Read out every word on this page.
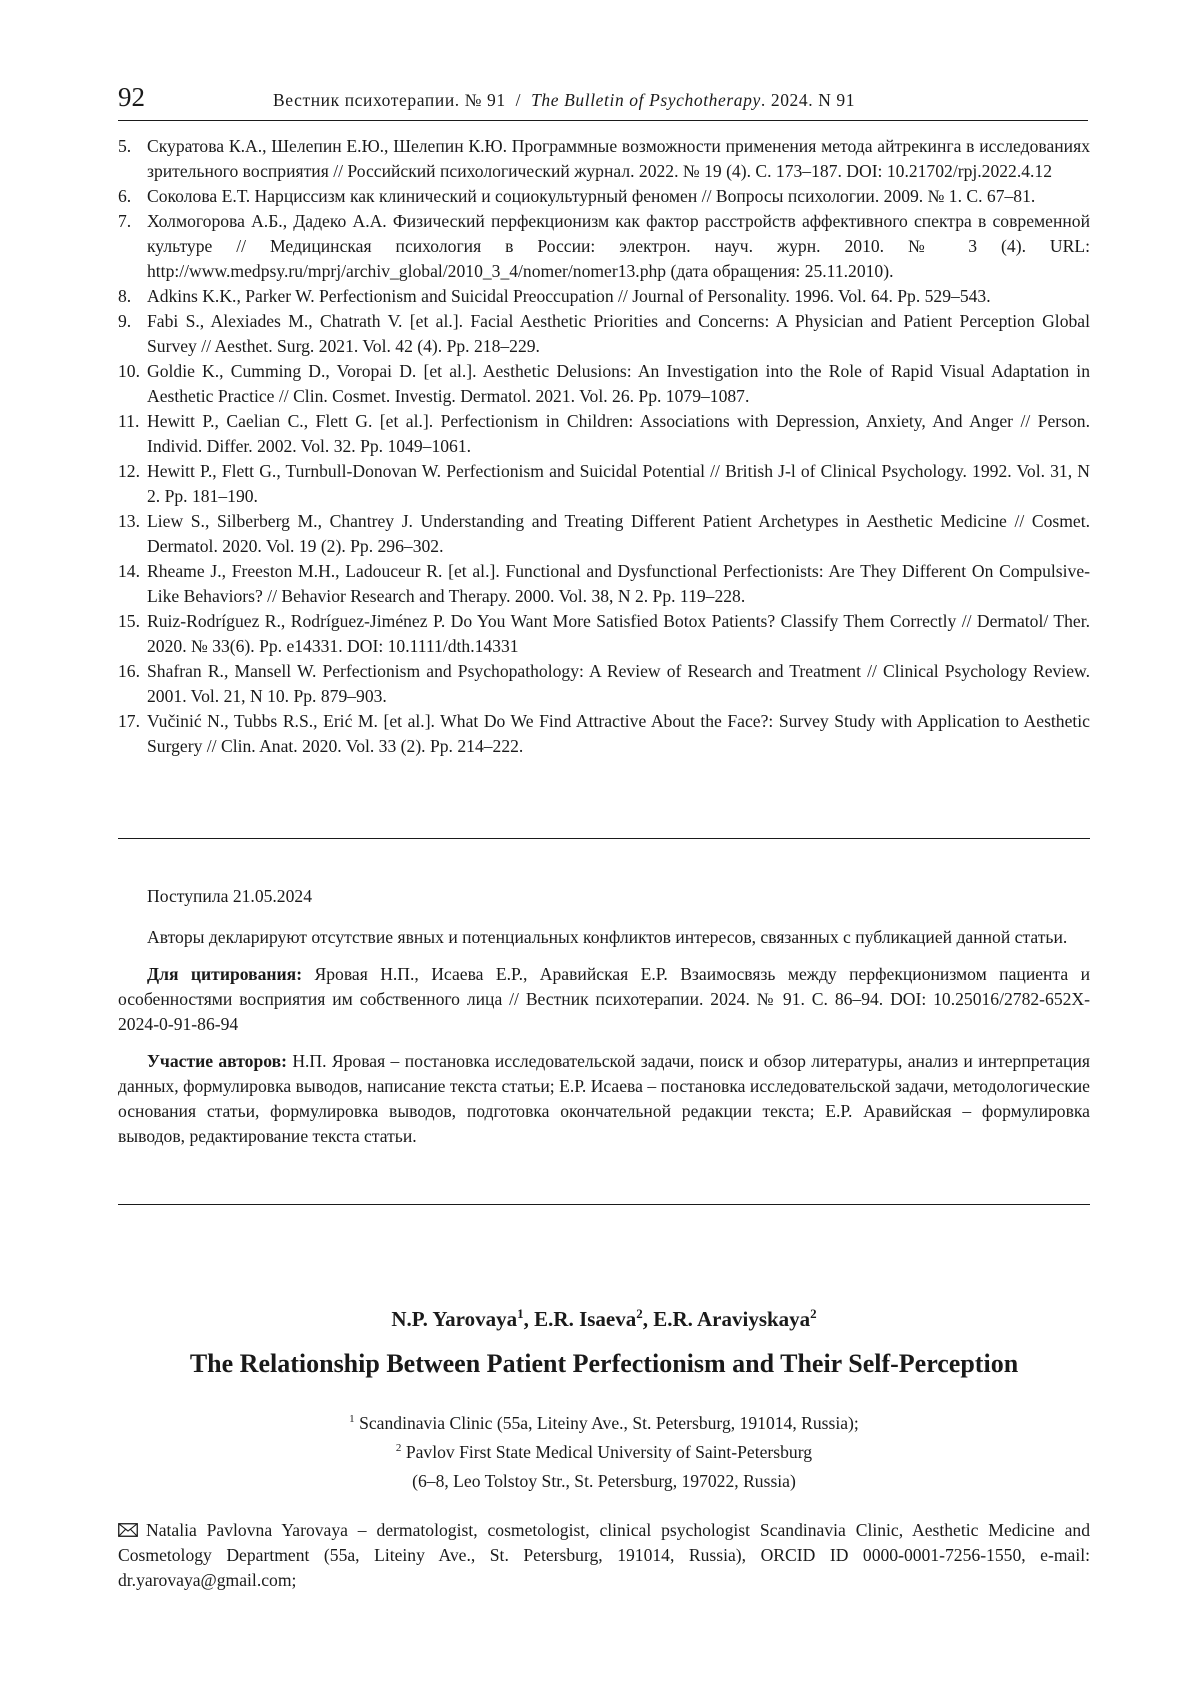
92	Вестник психотерапии. № 91 / The Bulletin of Psychotherapy. 2024. N 91
5. Скуратова К.А., Шелепин Е.Ю., Шелепин К.Ю. Программные возможности применения метода айтрекинга в исследованиях зрительного восприятия // Российский психологический журнал. 2022. № 19 (4). С. 173–187. DOI: 10.21702/rpj.2022.4.12
6. Соколова Е.Т. Нарциссизм как клинический и социокультурный феномен // Вопросы психологии. 2009. № 1. С. 67–81.
7. Холмогорова А.Б., Дадеко А.А. Физический перфекционизм как фактор расстройств аффективного спектра в современной культуре // Медицинская психология в России: электрон. науч. журн. 2010. № 3 (4). URL: http://www.medpsy.ru/mprj/archiv_global/2010_3_4/nomer/nomer13.php (дата обращения: 25.11.2010).
8. Adkins K.K., Parker W. Perfectionism and Suicidal Preoccupation // Journal of Personality. 1996. Vol. 64. Pp. 529–543.
9. Fabi S., Alexiades M., Chatrath V. [et al.]. Facial Aesthetic Priorities and Concerns: A Physician and Patient Perception Global Survey // Aesthet. Surg. 2021. Vol. 42 (4). Pp. 218–229.
10. Goldie K., Cumming D., Voropai D. [et al.]. Aesthetic Delusions: An Investigation into the Role of Rapid Visual Adaptation in Aesthetic Practice // Clin. Cosmet. Investig. Dermatol. 2021. Vol. 26. Pp. 1079–1087.
11. Hewitt P., Caelian C., Flett G. [et al.]. Perfectionism in Children: Associations with Depression, Anxiety, And Anger // Person. Individ. Differ. 2002. Vol. 32. Pp. 1049–1061.
12. Hewitt P., Flett G., Turnbull-Donovan W. Perfectionism and Suicidal Potential // British J-l of Clinical Psychology. 1992. Vol. 31, N 2. Pp. 181–190.
13. Liew S., Silberberg M., Chantrey J. Understanding and Treating Different Patient Archetypes in Aesthetic Medicine // Cosmet. Dermatol. 2020. Vol. 19 (2). Pp. 296–302.
14. Rheame J., Freeston M.H., Ladouceur R. [et al.]. Functional and Dysfunctional Perfectionists: Are They Different On Compulsive-Like Behaviors? // Behavior Research and Therapy. 2000. Vol. 38, N 2. Pp. 119–228.
15. Ruiz-Rodríguez R., Rodríguez-Jiménez P. Do You Want More Satisfied Botox Patients? Classify Them Correctly // Dermatol/ Ther. 2020. № 33(6). Pp. e14331. DOI: 10.1111/dth.14331
16. Shafran R., Mansell W. Perfectionism and Psychopathology: A Review of Research and Treatment // Clinical Psychology Review. 2001. Vol. 21, N 10. Pp. 879–903.
17. Vučinić N., Tubbs R.S., Erić M. [et al.]. What Do We Find Attractive About the Face?: Survey Study with Application to Aesthetic Surgery // Clin. Anat. 2020. Vol. 33 (2). Pp. 214–222.

Поступила 21.05.2024

Авторы декларируют отсутствие явных и потенциальных конфликтов интересов, связанных с публикацией данной статьи.

Для цитирования: Яровая Н.П., Исаева Е.Р., Аравийская Е.Р. Взаимосвязь между перфекционизмом пациента и особенностями восприятия им собственного лица // Вестник психотерапии. 2024. № 91. С. 86–94. DOI: 10.25016/2782-652X-2024-0-91-86-94

Участие авторов: Н.П. Яровая – постановка исследовательской задачи, поиск и обзор литературы, анализ и интерпретация данных, формулировка выводов, написание текста статьи; Е.Р. Исаева – постановка исследовательской задачи, методологические основания статьи, формулировка выводов, подготовка окончательной редакции текста; Е.Р. Аравийская – формулировка выводов, редактирование текста статьи.

N.P. Yarovaya$^1$, E.R. Isaeva$^2$, E.R. Araviyskaya$^2$
The Relationship Between Patient Perfectionism and Their Self-Perception
$^1$ Scandinavia Clinic (55a, Liteiny Ave., St. Petersburg, 191014, Russia);
$^2$ Pavlov First State Medical University of Saint-Petersburg
(6–8, Leo Tolstoy Str., St. Petersburg, 197022, Russia)
Natalia Pavlovna Yarovaya – dermatologist, cosmetologist, clinical psychologist Scandinavia Clinic, Aesthetic Medicine and Cosmetology Department (55a, Liteiny Ave., St. Petersburg, 191014, Russia), ORCID ID 0000-0001-7256-1550, e-mail: dr.yarovaya@gmail.com;
